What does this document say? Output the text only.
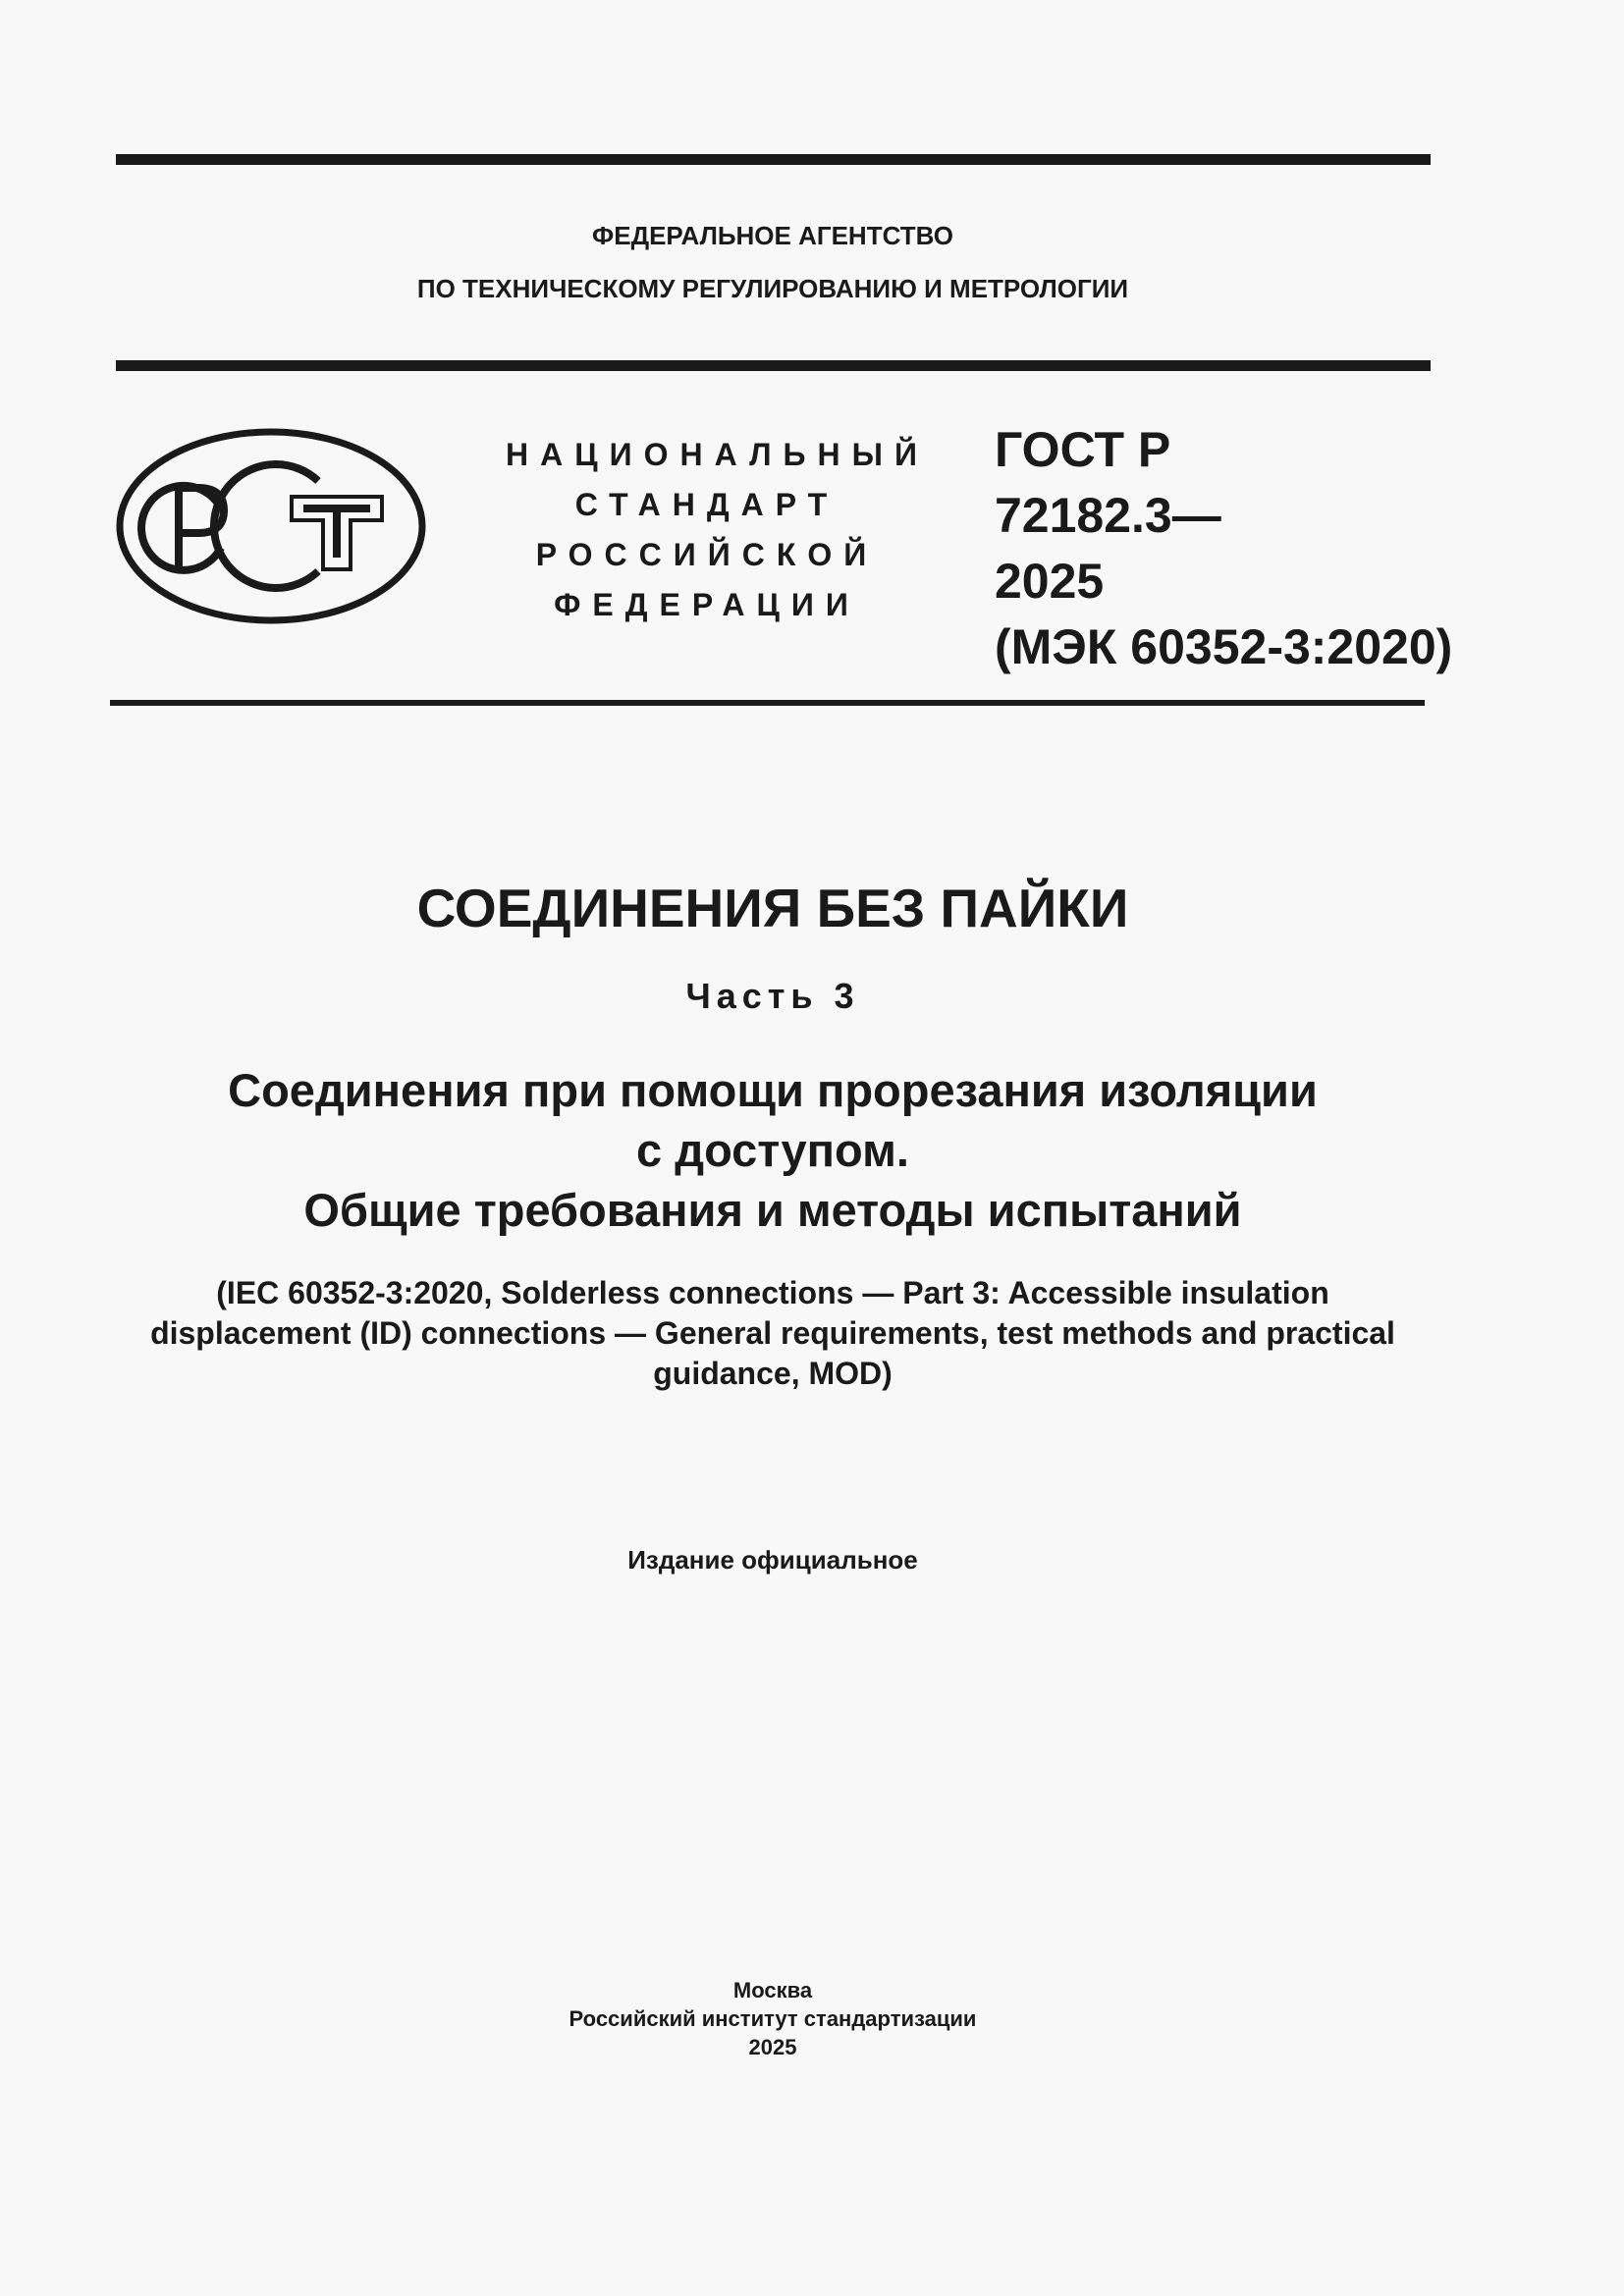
ФЕДЕРАЛЬНОЕ АГЕНТСТВО
ПО ТЕХНИЧЕСКОМУ РЕГУЛИРОВАНИЮ И МЕТРОЛОГИИ
НАЦИОНАЛЬНЫЙ
СТАНДАРТ
РОССИЙСКОЙ
ФЕДЕРАЦИИ
ГОСТ Р
72182.3—
2025
(МЭК 60352-3:2020)
СОЕДИНЕНИЯ БЕЗ ПАЙКИ
Часть 3
Соединения при помощи прорезания изоляции
с доступом.
Общие требования и методы испытаний
(IEC 60352-3:2020, Solderless connections — Part 3: Accessible insulation
displacement (ID) connections — General requirements, test methods and practical
guidance, MOD)
Издание официальное
Москва
Российский институт стандартизации
2025
